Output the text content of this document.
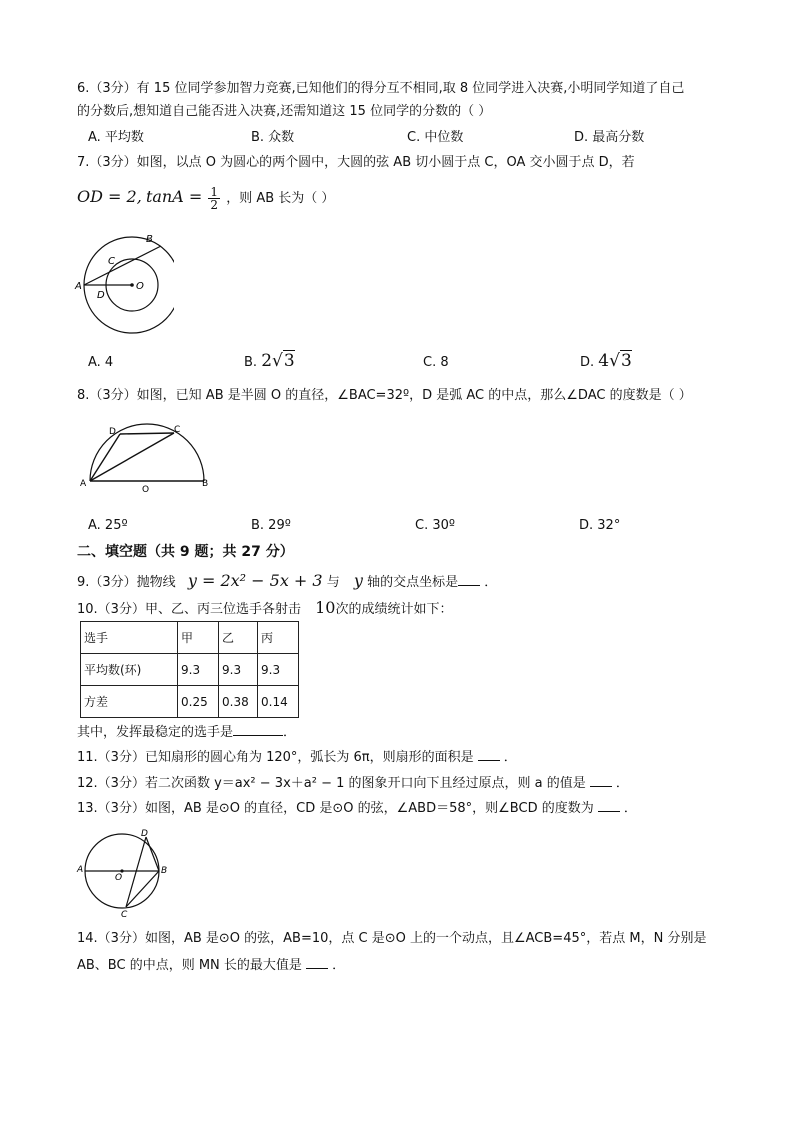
6.（3分）有 15 位同学参加智力竞赛,已知他们的得分互不相同,取 8 位同学进入决赛,小明同学知道了自己
的分数后,想知道自己能否进入决赛,还需知道这 15 位同学的分数的（ ）
A. 平均数	B. 众数	C. 中位数	D. 最高分数
7.（3分）如图，以点 O 为圆心的两个圆中，大圆的弦 AB 切小圆于点 C，OA 交小圆于点 D，若
OD = 2, $\tan A = \frac{1}{2}$ ，则 AB 长为（ ）
A
B
C
D
O
A. 4	B. 2√3	C. 8	D. 4√3
8.（3分）如图，已知 AB 是半圆 O 的直径，∠BAC=32º，D 是弧 AC 的中点，那么∠DAC 的度数是（ ）
A	B
C
D
O
A. 25º	B. 29º	C. 30º	D. 32°
二、填空题（共 9 题；共 27 分）
9.（3分）抛物线 y = 2x² − 5x + 3 与 y 轴的交点坐标是 ．
10.（3分）甲、乙、丙三位选手各射击 10次的成绩统计如下：
选手	甲	乙	丙
平均数(环)	9.3	9.3	9.3
方差	0.25	0.38	0.14
其中，发挥最稳定的选手是	．
11.（3分）已知扇形的圆心角为 120°，弧长为 6π，则扇形的面积是 ．
12.（3分）若二次函数 y＝ax² − 3x＋a² − 1 的图象开口向下且经过原点，则 a 的值是 ．
13.（3分）如图，AB 是⊙O 的直径，CD 是⊙O 的弦，∠ABD＝58°，则∠BCD 的度数为 ．
A	B
C
D
O
14.（3分）如图，AB 是⊙O 的弦，AB=10，点 C 是⊙O 上的一个动点，且∠ACB=45°，若点 M，N 分别是
AB、BC 的中点，则 MN 长的最大值是 ．
